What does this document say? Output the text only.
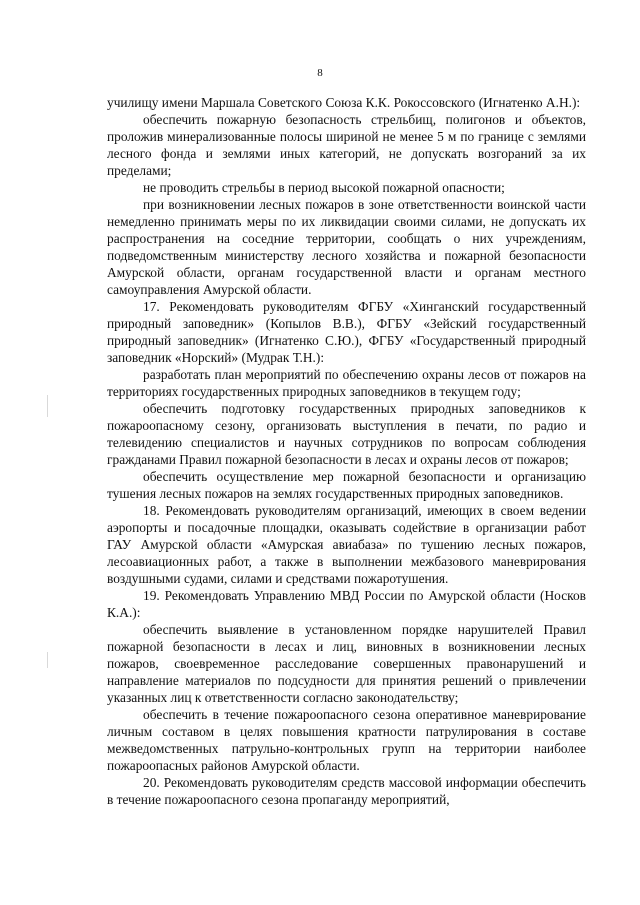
8

училищу имени Маршала Советского Союза К.К. Рокоссовского (Игнатенко А.Н.):

обеспечить пожарную безопасность стрельбищ, полигонов и объектов, проложив минерализованные полосы шириной не менее 5 м по границе с землями лесного фонда и землями иных категорий, не допускать возгораний за их пределами;

не проводить стрельбы в период высокой пожарной опасности;

при возникновении лесных пожаров в зоне ответственности воинской части немедленно принимать меры по их ликвидации своими силами, не допускать их распространения на соседние территории, сообщать о них учреждениям, подведомственным министерству лесного хозяйства и пожарной безопасности Амурской области, органам государственной власти и органам местного самоуправления Амурской области.

17. Рекомендовать руководителям ФГБУ «Хинганский государственный природный заповедник» (Копылов В.В.), ФГБУ «Зейский государственный природный заповедник» (Игнатенко С.Ю.), ФГБУ «Государственный природный заповедник «Норский» (Мудрак Т.Н.):

разработать план мероприятий по обеспечению охраны лесов от пожаров на территориях государственных природных заповедников в текущем году;

обеспечить подготовку государственных природных заповедников к пожароопасному сезону, организовать выступления в печати, по радио и телевидению специалистов и научных сотрудников по вопросам соблюдения гражданами Правил пожарной безопасности в лесах и охраны лесов от пожаров;

обеспечить осуществление мер пожарной безопасности и организацию тушения лесных пожаров на землях государственных природных заповедников.

18. Рекомендовать руководителям организаций, имеющих в своем ведении аэропорты и посадочные площадки, оказывать содействие в организации работ ГАУ Амурской области «Амурская авиабаза» по тушению лесных пожаров, лесоавиационных работ, а также в выполнении межбазового маневрирования воздушными судами, силами и средствами пожаротушения.

19. Рекомендовать Управлению МВД России по Амурской области (Носков К.А.):

обеспечить выявление в установленном порядке нарушителей Правил пожарной безопасности в лесах и лиц, виновных в возникновении лесных пожаров, своевременное расследование совершенных правонарушений и направление материалов по подсудности для принятия решений о привлечении указанных лиц к ответственности согласно законодательству;

обеспечить в течение пожароопасного сезона оперативное маневрирование личным составом в целях повышения кратности патрулирования в составе межведомственных патрульно-контрольных групп на территории наиболее пожароопасных районов Амурской области.

20. Рекомендовать руководителям средств массовой информации обеспечить в течение пожароопасного сезона пропаганду мероприятий,
